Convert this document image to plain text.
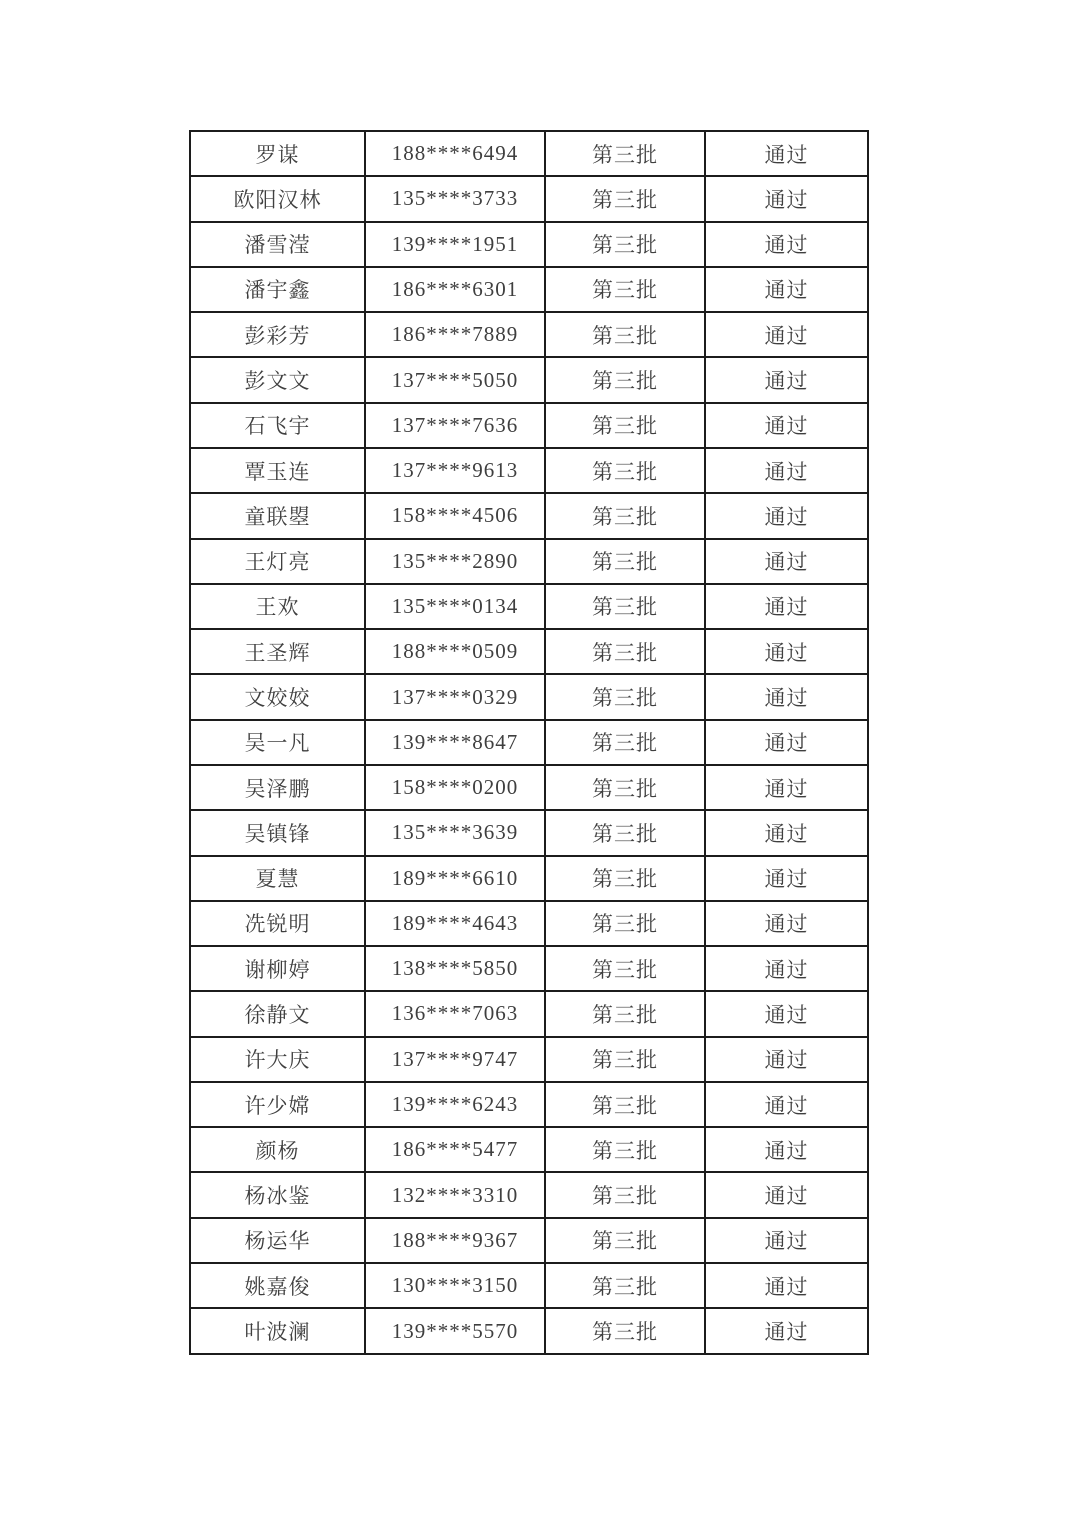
罗谋	188****6494	第三批	通过
欧阳汉林	135****3733	第三批	通过
潘雪滢	139****1951	第三批	通过
潘宇鑫	186****6301	第三批	通过
彭彩芳	186****7889	第三批	通过
彭文文	137****5050	第三批	通过
石飞宇	137****7636	第三批	通过
覃玉连	137****9613	第三批	通过
童联曌	158****4506	第三批	通过
王灯亮	135****2890	第三批	通过
王欢	135****0134	第三批	通过
王圣辉	188****0509	第三批	通过
文姣姣	137****0329	第三批	通过
吴一凡	139****8647	第三批	通过
吴泽鹏	158****0200	第三批	通过
吴镇锋	135****3639	第三批	通过
夏慧	189****6610	第三批	通过
冼锐明	189****4643	第三批	通过
谢柳婷	138****5850	第三批	通过
徐静文	136****7063	第三批	通过
许大庆	137****9747	第三批	通过
许少嫦	139****6243	第三批	通过
颜杨	186****5477	第三批	通过
杨冰鉴	132****3310	第三批	通过
杨运华	188****9367	第三批	通过
姚嘉俊	130****3150	第三批	通过
叶波澜	139****5570	第三批	通过
